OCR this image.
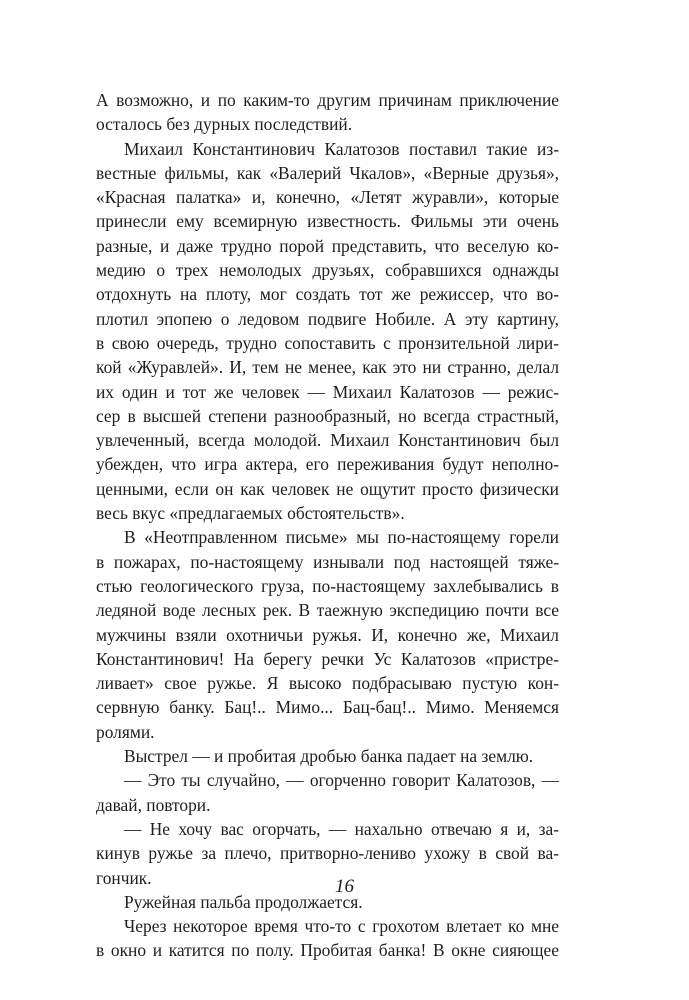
А возможно, и по каким-то другим причинам приключение
осталось без дурных последствий.
Михаил Константинович Калатозов поставил такие из-
вестные фильмы, как «Валерий Чкалов», «Верные друзья»,
«Красная палатка» и, конечно, «Летят журавли», которые
принесли ему всемирную известность. Фильмы эти очень
разные, и даже трудно порой представить, что веселую ко-
медию о трех немолодых друзьях, собравшихся однажды
отдохнуть на плоту, мог создать тот же режиссер, что во-
плотил эпопею о ледовом подвиге Нобиле. А эту картину,
в свою очередь, трудно сопоставить с пронзительной лири-
кой «Журавлей». И, тем не менее, как это ни странно, делал
их один и тот же человек — Михаил Калатозов — режис-
сер в высшей степени разнообразный, но всегда страстный,
увлеченный, всегда молодой. Михаил Константинович был
убежден, что игра актера, его переживания будут неполно-
ценными, если он как человек не ощутит просто физически
весь вкус «предлагаемых обстоятельств».
В «Неотправленном письме» мы по-настоящему горели
в пожарах, по-настоящему изнывали под настоящей тяже-
стью геологического груза, по-настоящему захлебывались в
ледяной воде лесных рек. В таежную экспедицию почти все
мужчины взяли охотничьи ружья. И, конечно же, Михаил
Константинович! На берегу речки Ус Калатозов «пристре-
ливает» свое ружье. Я высоко подбрасываю пустую кон-
сервную банку. Бац!.. Мимо... Бац-бац!.. Мимо. Меняемся
ролями.
Выстрел — и пробитая дробью банка падает на землю.
— Это ты случайно, — огорченно говорит Калатозов, —
давай, повтори.
— Не хочу вас огорчать, — нахально отвечаю я и, за-
кинув ружье за плечо, притворно-лениво ухожу в свой ва-
гончик.
Ружейная пальба продолжается.
Через некоторое время что-то с грохотом влетает ко мне
в окно и катится по полу. Пробитая банка! В окне сияющее
16
